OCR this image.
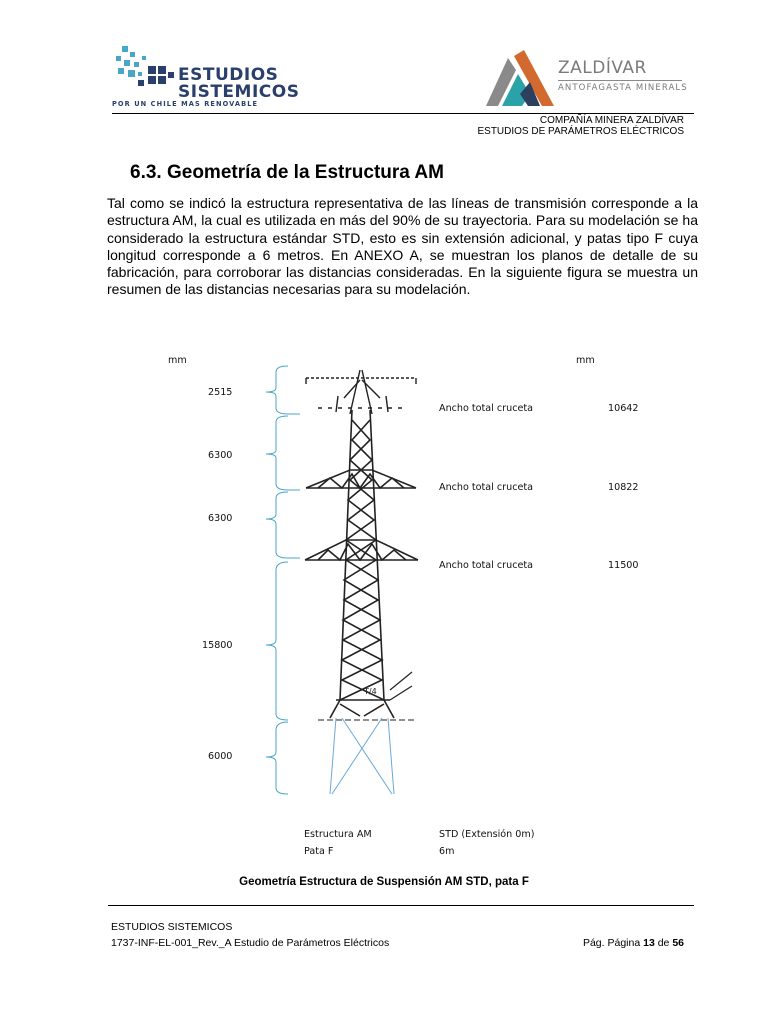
ESTUDIOS
SISTEMICOS
POR UN CHILE MAS RENOVABLE
ZALDÍVAR
ANTOFAGASTA MINERALS
COMPAÑÍA MINERA ZALDÍVAR
ESTUDIOS DE PARÁMETROS ELÉCTRICOS
6.3. Geometría de la Estructura AM
Tal como se indicó la estructura representativa de las líneas de transmisión corresponde a la estructura AM, la cual es utilizada en más del 90% de su trayectoria. Para su modelación se ha considerado la estructura estándar STD, esto es sin extensión adicional, y patas tipo F cuya longitud corresponde a 6 metros. En ANEXO A, se muestran los planos de detalle de su fabricación, para corroborar las distancias consideradas. En la siguiente figura se muestra un resumen de las distancias necesarias para su modelación.
mm	mm
2515
6300
6300
15800
6000
Ancho total cruceta	10642
Ancho total cruceta	10822
Ancho total cruceta	11500
T/4
Estructura AM	STD (Extensión 0m)
Pata F	6m
Geometría Estructura de Suspensión AM STD, pata F
ESTUDIOS SISTEMICOS
1737-INF-EL-001_Rev._A Estudio de Parámetros Eléctricos	Pág. Página 13 de 56
